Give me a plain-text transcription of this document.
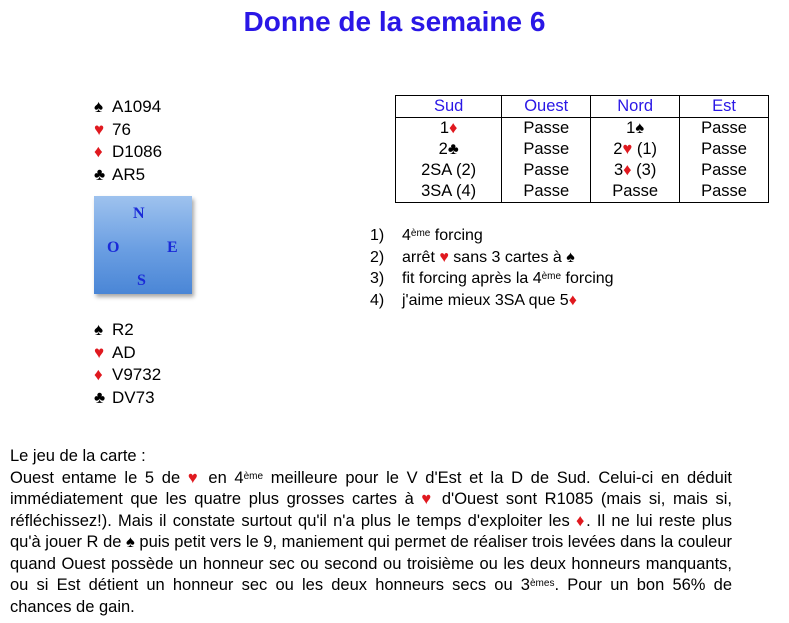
Donne de la semaine 6
♠ A1094
♥ 76
♦ D1086
♣ AR5
N
O	E
S
♠ R2
♥ AD
♦ V9732
♣ DV73
Sud	Ouest	Nord	Est
1♦	Passe	1♠	Passe
2♣	Passe	2♥ (1)	Passe
2SA (2)	Passe	3♦ (3)	Passe
3SA (4)	Passe	Passe	Passe
1) 4ème forcing
2) arrêt ♥ sans 3 cartes à ♠
3) fit forcing après la 4ème forcing
4) j'aime mieux 3SA que 5♦
Le jeu de la carte :
Ouest entame le 5 de ♥ en 4ème meilleure pour le V d'Est et la D de Sud. Celui-ci en déduit immédiatement que les quatre plus grosses cartes à ♥ d'Ouest sont R1085 (mais si, mais si, réfléchissez!). Mais il constate surtout qu'il n'a plus le temps d'exploiter les ♦. Il ne lui reste plus qu'à jouer R de ♠ puis petit vers le 9, maniement qui permet de réaliser trois levées dans la couleur quand Ouest possède un honneur sec ou second ou troisième ou les deux honneurs manquants, ou si Est détient un honneur sec ou les deux honneurs secs ou 3èmes. Pour un bon 56% de chances de gain.
